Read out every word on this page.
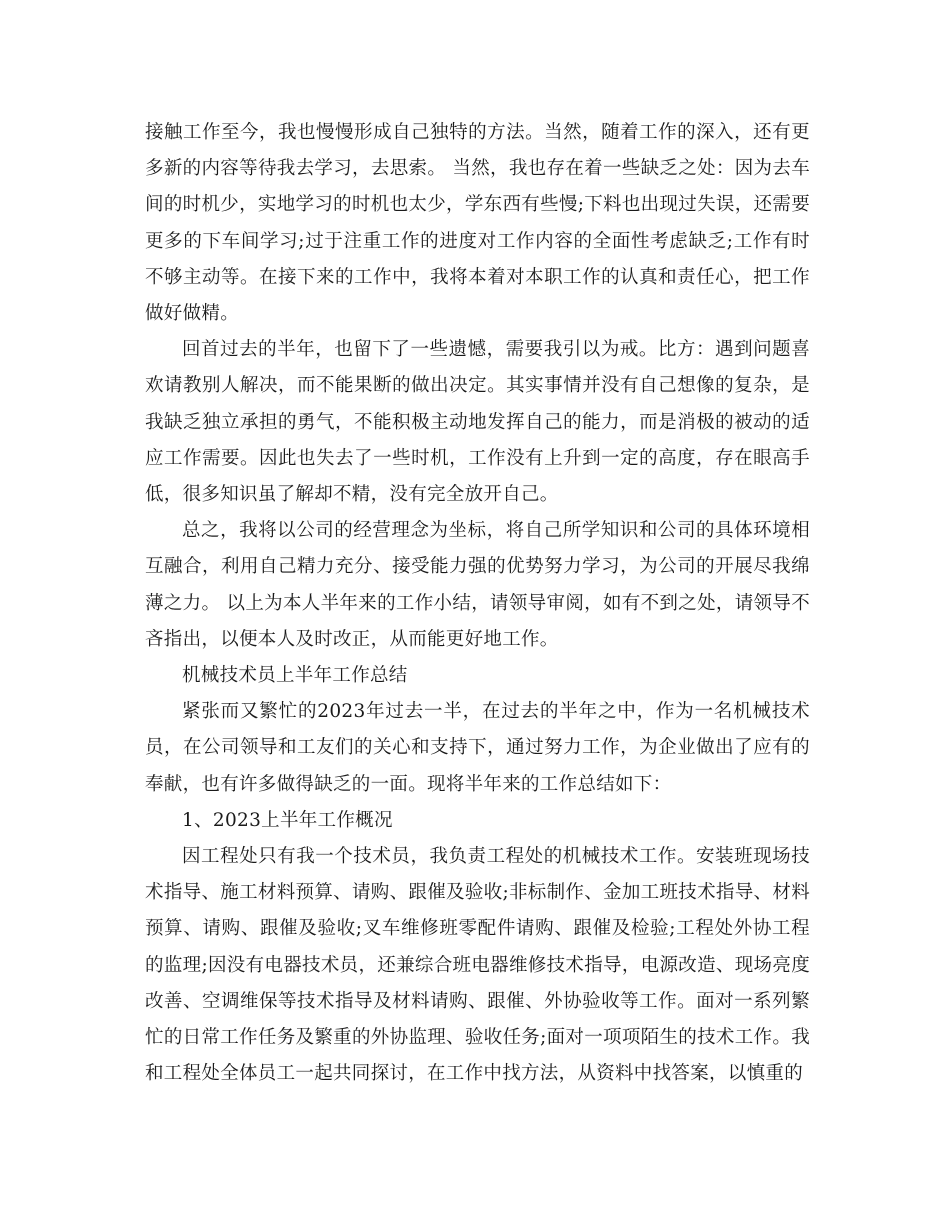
接触工作至今，我也慢慢形成自己独特的方法。当然，随着工作的深入，还有更多新的内容等待我去学习，去思索。 当然，我也存在着一些缺乏之处：因为去车间的时机少，实地学习的时机也太少，学东西有些慢;下料也出现过失误，还需要更多的下车间学习;过于注重工作的进度对工作内容的全面性考虑缺乏;工作有时不够主动等。在接下来的工作中，我将本着对本职工作的认真和责任心，把工作做好做精。

回首过去的半年，也留下了一些遗憾，需要我引以为戒。比方：遇到问题喜欢请教别人解决，而不能果断的做出决定。其实事情并没有自己想像的复杂，是我缺乏独立承担的勇气，不能积极主动地发挥自己的能力，而是消极的被动的适应工作需要。因此也失去了一些时机，工作没有上升到一定的高度，存在眼高手低，很多知识虽了解却不精，没有完全放开自己。

总之，我将以公司的经营理念为坐标，将自己所学知识和公司的具体环境相互融合，利用自己精力充分、接受能力强的优势努力学习，为公司的开展尽我绵薄之力。 以上为本人半年来的工作小结，请领导审阅，如有不到之处，请领导不吝指出，以便本人及时改正，从而能更好地工作。

机械技术员上半年工作总结

紧张而又繁忙的2023年过去一半，在过去的半年之中，作为一名机械技术员，在公司领导和工友们的关心和支持下，通过努力工作，为企业做出了应有的奉献，也有许多做得缺乏的一面。现将半年来的工作总结如下：

1、2023上半年工作概况

因工程处只有我一个技术员，我负责工程处的机械技术工作。安装班现场技术指导、施工材料预算、请购、跟催及验收;非标制作、金加工班技术指导、材料预算、请购、跟催及验收;叉车维修班零配件请购、跟催及检验;工程处外协工程的监理;因没有电器技术员，还兼综合班电器维修技术指导，电源改造、现场亮度改善、空调维保等技术指导及材料请购、跟催、外协验收等工作。面对一系列繁忙的日常工作任务及繁重的外协监理、验收任务;面对一项项陌生的技术工作。我和工程处全体员工一起共同探讨，在工作中找方法，从资料中找答案，以慎重的
